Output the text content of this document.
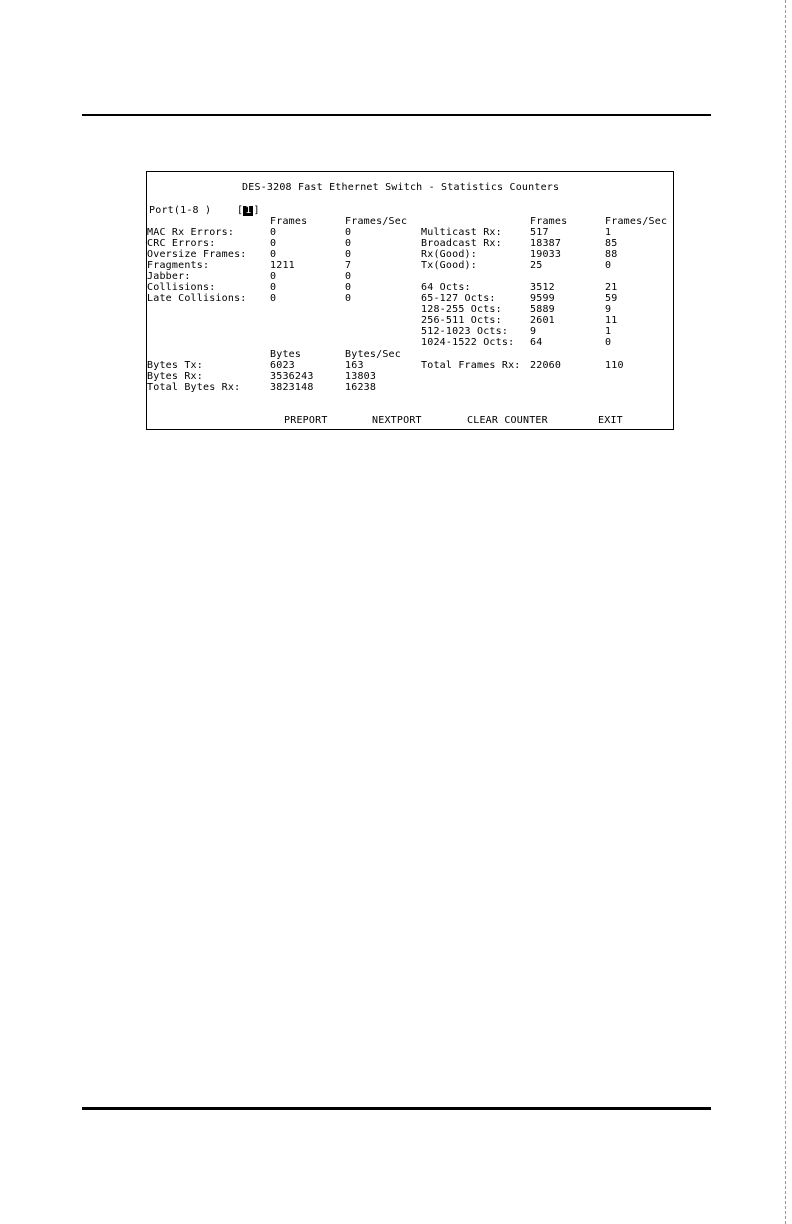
DES-3208 Fast Ethernet Switch - Statistics Counters
Port(1-8 )	[ 1 ]
Frames	Frames/Sec	Frames	Frames/Sec
MAC Rx Errors:	0	0
CRC Errors:	0	0
Oversize Frames: 0	0
Fragments:	1211	7
Jabber:	0	0
Collisions:	0	0
Late Collisions: 0	0
Multicast Rx:	517	1
Broadcast Rx:	18387	85
Rx(Good):	19033	88
Tx(Good):	25	0
64 Octs:	3512	21
65-127 Octs:	9599	59
128-255 Octs:	5889	9
256-511 Octs:	2601	11
512-1023 Octs: 9	1
1024-1522 Octs: 64	0
Bytes	Bytes/Sec
Bytes Tx:	6023	163
Bytes Rx:	3536243	13803
Total Bytes Rx:	3823148	16238
Total Frames Rx: 22060	110
PREPORT	NEXTPORT	CLEAR COUNTER	EXIT
